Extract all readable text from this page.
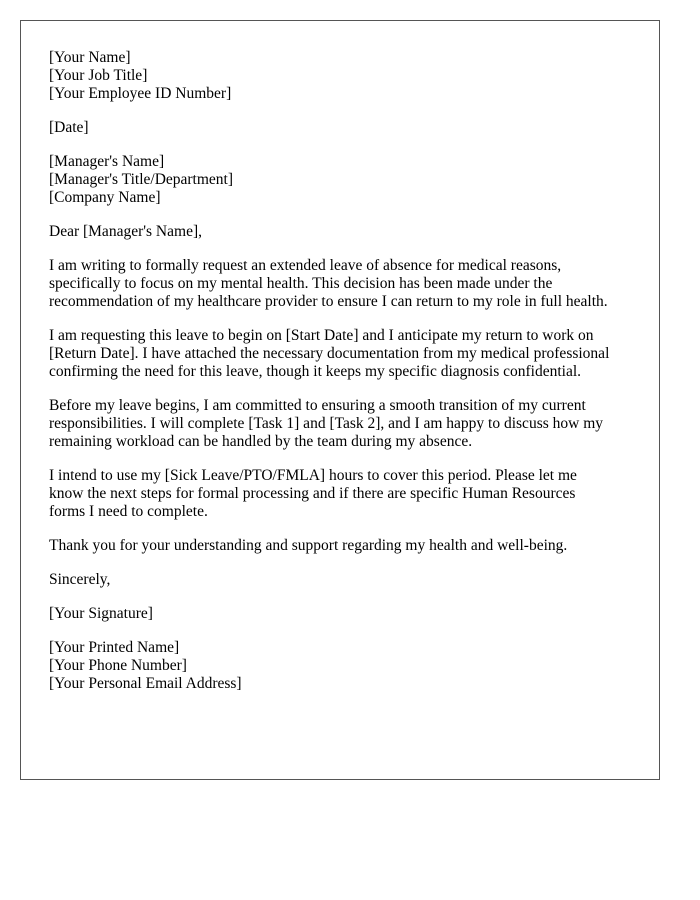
[Your Name]
[Your Job Title]
[Your Employee ID Number]
[Date]
[Manager's Name]
[Manager's Title/Department]
[Company Name]
Dear [Manager's Name],
I am writing to formally request an extended leave of absence for medical reasons,
specifically to focus on my mental health. This decision has been made under the
recommendation of my healthcare provider to ensure I can return to my role in full health.
I am requesting this leave to begin on [Start Date] and I anticipate my return to work on
[Return Date]. I have attached the necessary documentation from my medical professional
confirming the need for this leave, though it keeps my specific diagnosis confidential.
Before my leave begins, I am committed to ensuring a smooth transition of my current
responsibilities. I will complete [Task 1] and [Task 2], and I am happy to discuss how my
remaining workload can be handled by the team during my absence.
I intend to use my [Sick Leave/PTO/FMLA] hours to cover this period. Please let me
know the next steps for formal processing and if there are specific Human Resources
forms I need to complete.
Thank you for your understanding and support regarding my health and well-being.
Sincerely,
[Your Signature]
[Your Printed Name]
[Your Phone Number]
[Your Personal Email Address]
